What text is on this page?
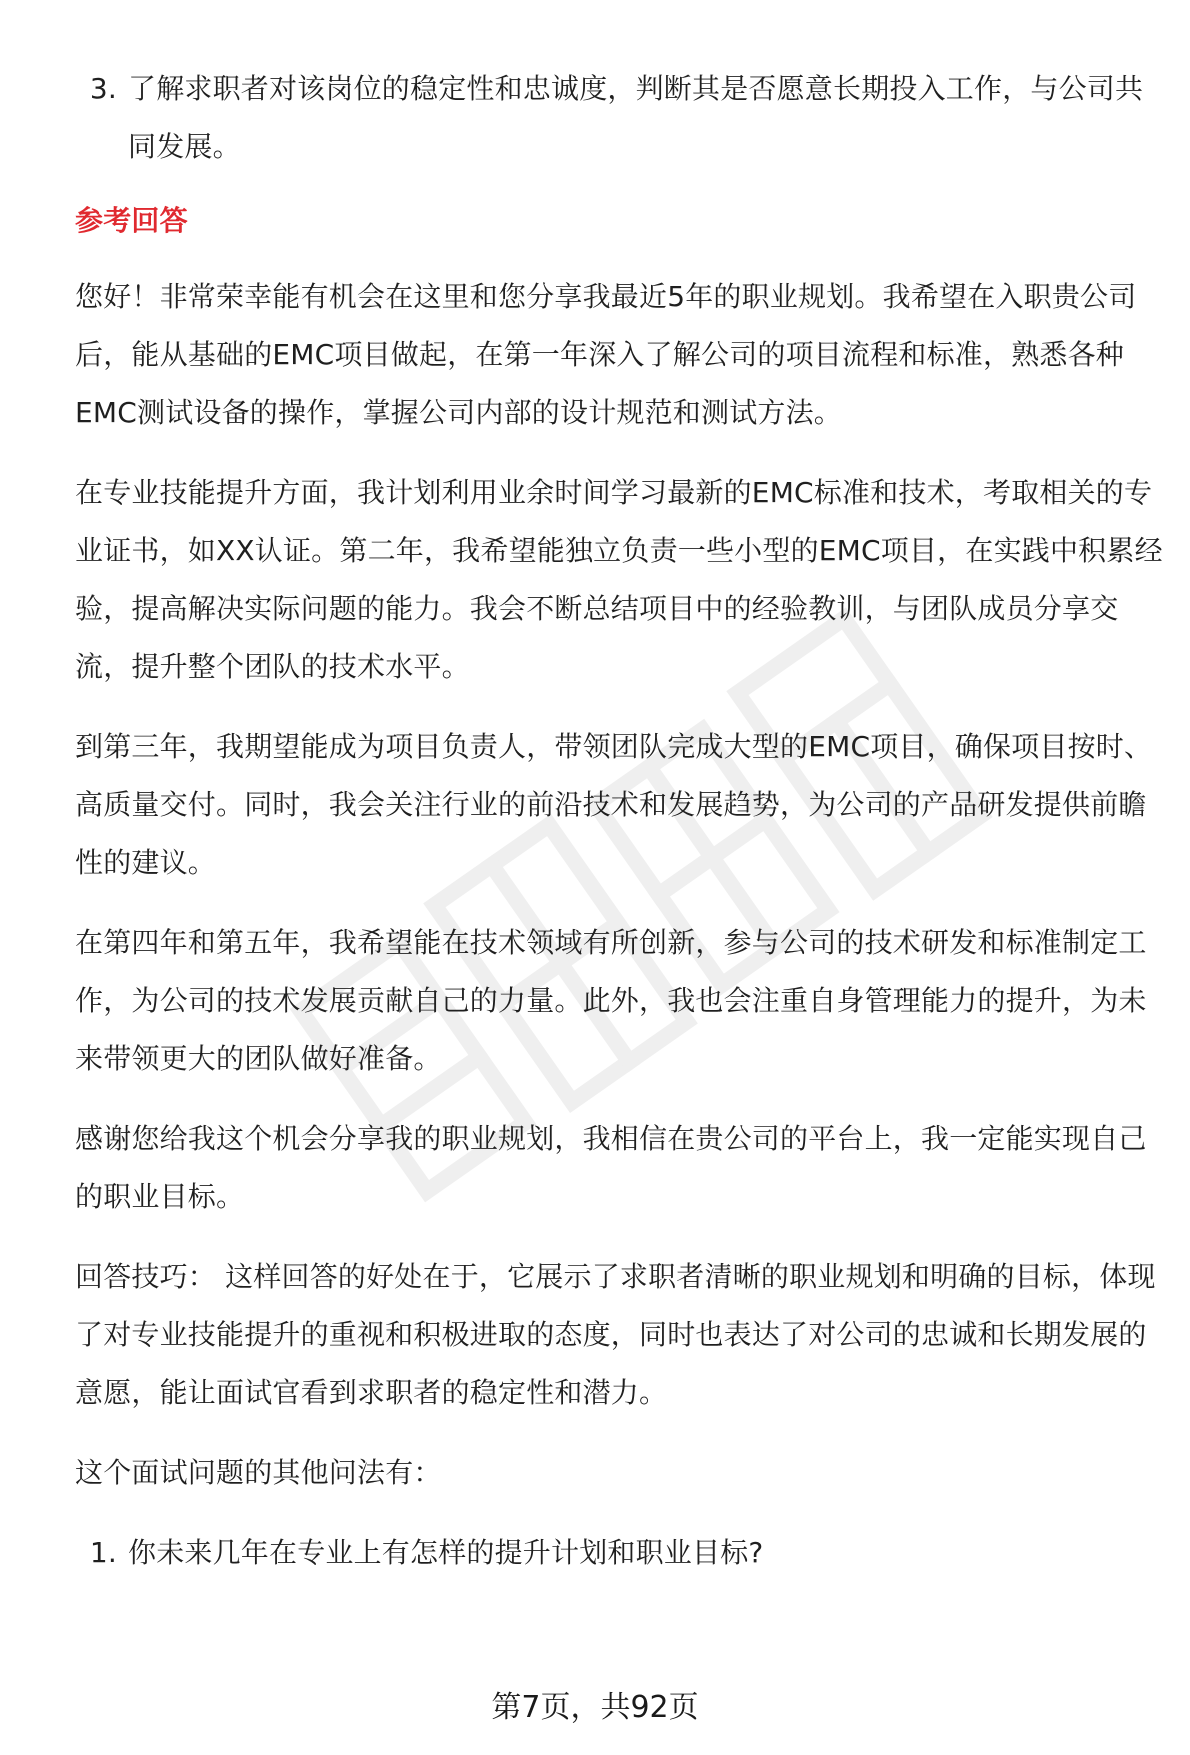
3. 了解求职者对该岗位的稳定性和忠诚度，判断其是否愿意长期投入工作，与公司共同发展。
参考回答

您好！非常荣幸能有机会在这里和您分享我最近5年的职业规划。我希望在入职贵公司后，能从基础的EMC项目做起，在第一年深入了解公司的项目流程和标准，熟悉各种EMC测试设备的操作，掌握公司内部的设计规范和测试方法。

在专业技能提升方面，我计划利用业余时间学习最新的EMC标准和技术，考取相关的专业证书，如XX认证。第二年，我希望能独立负责一些小型的EMC项目，在实践中积累经验，提高解决实际问题的能力。我会不断总结项目中的经验教训，与团队成员分享交流，提升整个团队的技术水平。

到第三年，我期望能成为项目负责人，带领团队完成大型的EMC项目，确保项目按时、高质量交付。同时，我会关注行业的前沿技术和发展趋势，为公司的产品研发提供前瞻性的建议。

在第四年和第五年，我希望能在技术领域有所创新，参与公司的技术研发和标准制定工作，为公司的技术发展贡献自己的力量。此外，我也会注重自身管理能力的提升，为未来带领更大的团队做好准备。

感谢您给我这个机会分享我的职业规划，我相信在贵公司的平台上，我一定能实现自己的职业目标。

回答技巧： 这样回答的好处在于，它展示了求职者清晰的职业规划和明确的目标，体现了对专业技能提升的重视和积极进取的态度，同时也表达了对公司的忠诚和长期发展的意愿，能让面试官看到求职者的稳定性和潜力。

这个面试问题的其他问法有：

1. 你未来几年在专业上有怎样的提升计划和职业目标?
第7页，共92页
